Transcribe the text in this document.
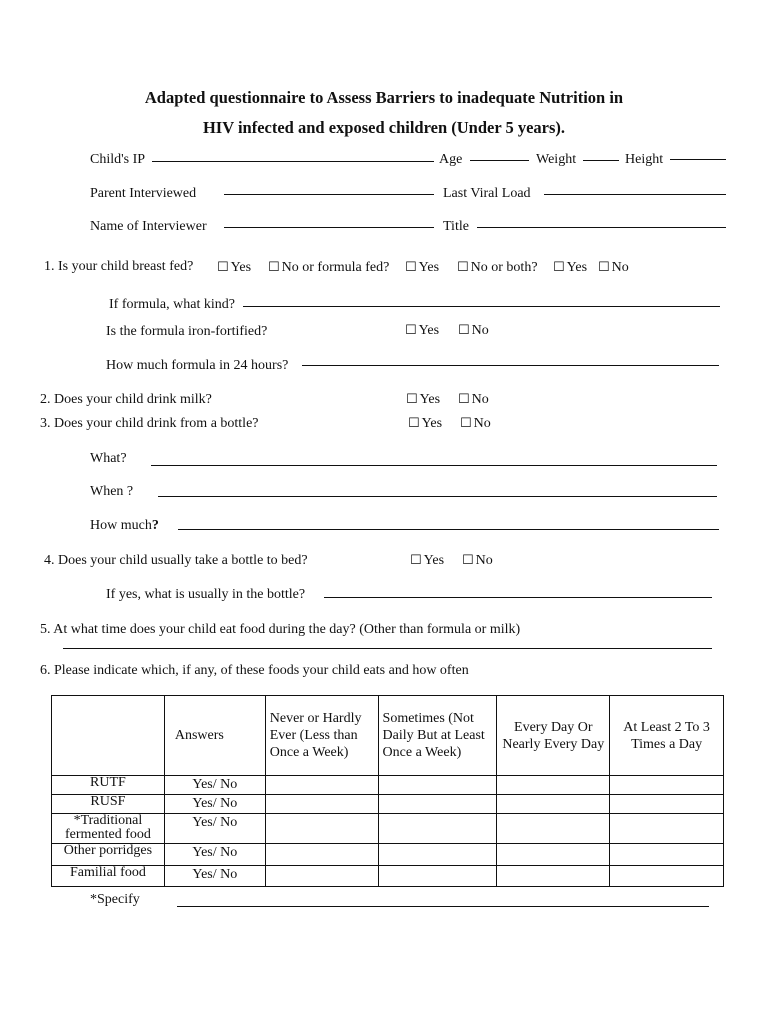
Adapted questionnaire to Assess Barriers to inadequate Nutrition in
HIV infected and exposed children (Under 5 years).
Child's IP	Age	Weight	Height
Parent Interviewed	Last Viral Load
Name of Interviewer	Title
1. Is your child breast fed? ☐	Yes ☐	No or formula fed? ☐	Yes ☐	No or both? ☐	Yes ☐	No
If formula, what kind?
Is the formula iron-fortified? ☐	Yes ☐	No
How much formula in 24 hours?
2. Does your child drink milk? ☐	Yes ☐	No
3. Does your child drink from a bottle? ☐	Yes ☐	No
What?
When ?
How much?
4. Does your child usually take a bottle to bed? ☐	Yes ☐	No
If yes, what is usually in the bottle?
5. At what time does your child eat food during the day? (Other than formula or milk)
6. Please indicate which, if any, of these foods your child eats and how often
	Answers	Never or Hardly Ever (Less than Once a Week)	Sometimes (Not Daily But at Least Once a Week)	Every Day Or Nearly Every Day	At Least 2 To 3 Times a Day
RUTF	Yes/ No				
RUSF	Yes/ No				
*Traditional fermented food	Yes/ No				
Other porridges	Yes/ No				
Familial food	Yes/ No				
*Specify
